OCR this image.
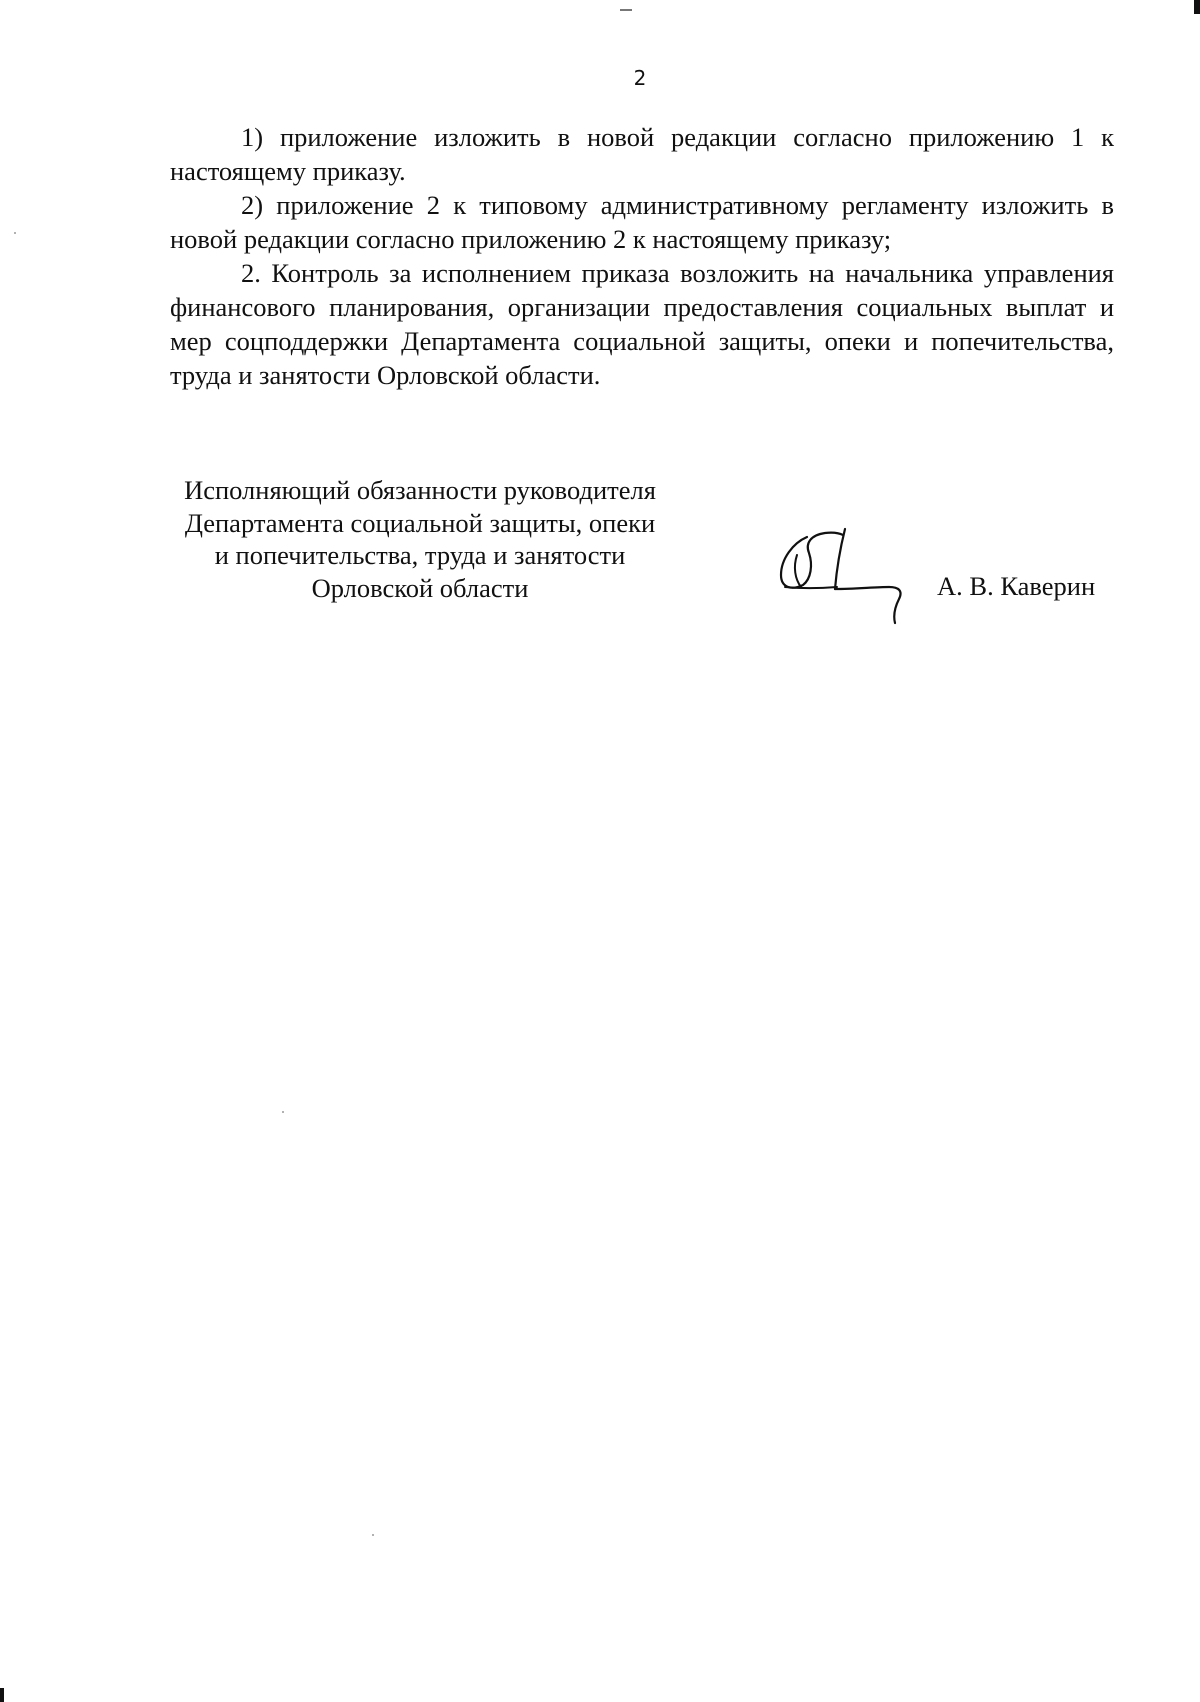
2

1) приложение изложить в новой редакции согласно приложению 1 к настоящему приказу.

2) приложение 2 к типовому административному регламенту изложить в новой редакции согласно приложению 2 к настоящему приказу;

2. Контроль за исполнением приказа возложить на начальника управления финансового планирования, организации предоставления социальных выплат и мер соцподдержки Департамента социальной защиты, опеки и попечительства, труда и занятости Орловской области.

Исполняющий обязанности руководителя
Департамента социальной защиты, опеки
и попечительства, труда и занятости
Орловской области	А. В. Каверин
